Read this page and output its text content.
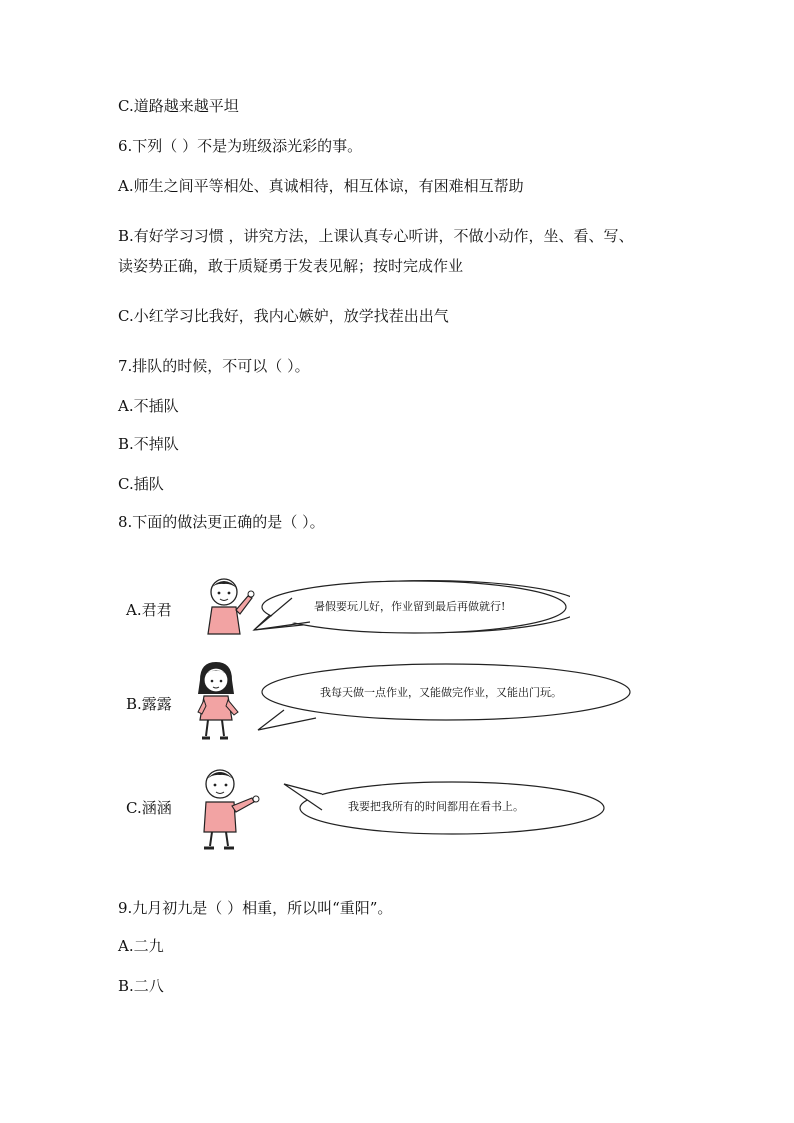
C.道路越来越平坦
6.下列（ ）不是为班级添光彩的事。
A.师生之间平等相处、真诚相待，相互体谅，有困难相互帮助
B.有好学习习惯 ，讲究方法，上课认真专心听讲，不做小动作，坐、看、写、
读姿势正确，敢于质疑勇于发表见解；按时完成作业
C.小红学习比我好，我内心嫉妒，放学找茬出出气
7.排队的时候，不可以（ ）。
A.不插队
B.不掉队
C.插队
8.下面的做法更正确的是（ ）。
A.君君	暑假要玩儿好，作业留到最后再做就行!
B.露露
我每天做一点作业，又能做完作业，又能出门玩。
C.涵涵	我要把我所有的时间都用在看书上。
9.九月初九是（ ）相重，所以叫“重阳”。
A.二九
B.二八
